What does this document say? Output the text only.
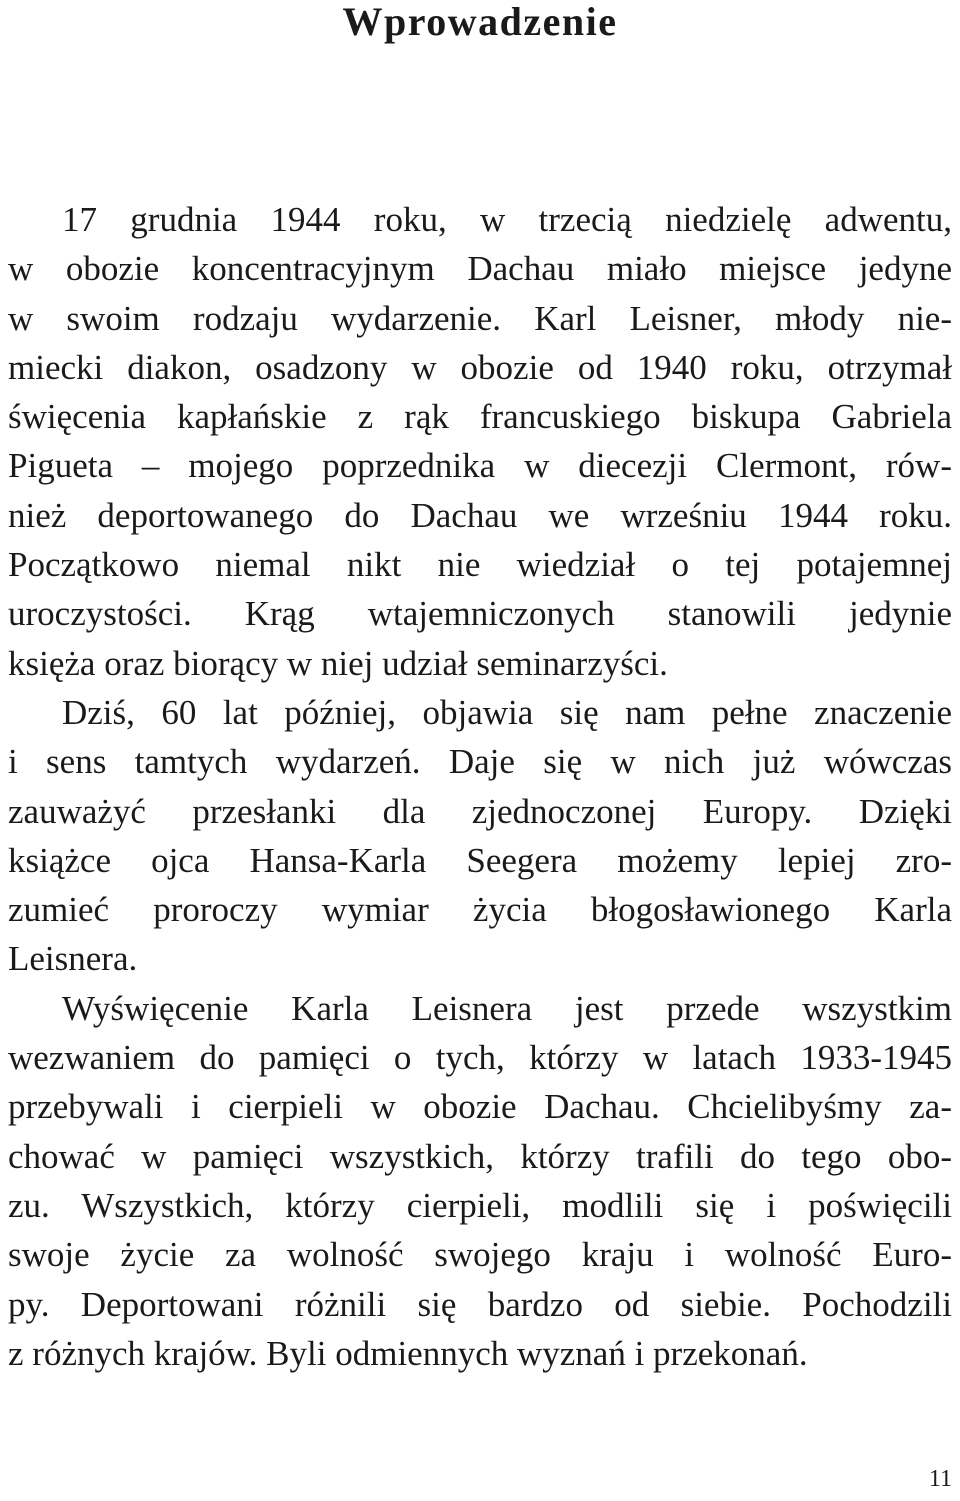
Wprowadzenie
17 grudnia 1944 roku, w trzecią niedzielę adwentu,
w obozie koncentracyjnym Dachau miało miejsce jedyne
w swoim rodzaju wydarzenie. Karl Leisner, młody nie-
miecki diakon, osadzony w obozie od 1940 roku, otrzymał
święcenia kapłańskie z rąk francuskiego biskupa Gabriela
Pigueta – mojego poprzednika w diecezji Clermont, rów-
nież deportowanego do Dachau we wrześniu 1944 roku.
Początkowo niemal nikt nie wiedział o tej potajemnej
uroczystości. Krąg wtajemniczonych stanowili jedynie
księża oraz biorący w niej udział seminarzyści.
Dziś, 60 lat później, objawia się nam pełne znaczenie
i sens tamtych wydarzeń. Daje się w nich już wówczas
zauważyć przesłanki dla zjednoczonej Europy. Dzięki
książce ojca Hansa-Karla Seegera możemy lepiej zro-
zumieć proroczy wymiar życia błogosławionego Karla
Leisnera.
Wyświęcenie Karla Leisnera jest przede wszystkim
wezwaniem do pamięci o tych, którzy w latach 1933-1945
przebywali i cierpieli w obozie Dachau. Chcielibyśmy za-
chować w pamięci wszystkich, którzy trafili do tego obo-
zu. Wszystkich, którzy cierpieli, modlili się i poświęcili
swoje życie za wolność swojego kraju i wolność Euro-
py. Deportowani różnili się bardzo od siebie. Pochodzili
z różnych krajów. Byli odmiennych wyznań i przekonań.
11
